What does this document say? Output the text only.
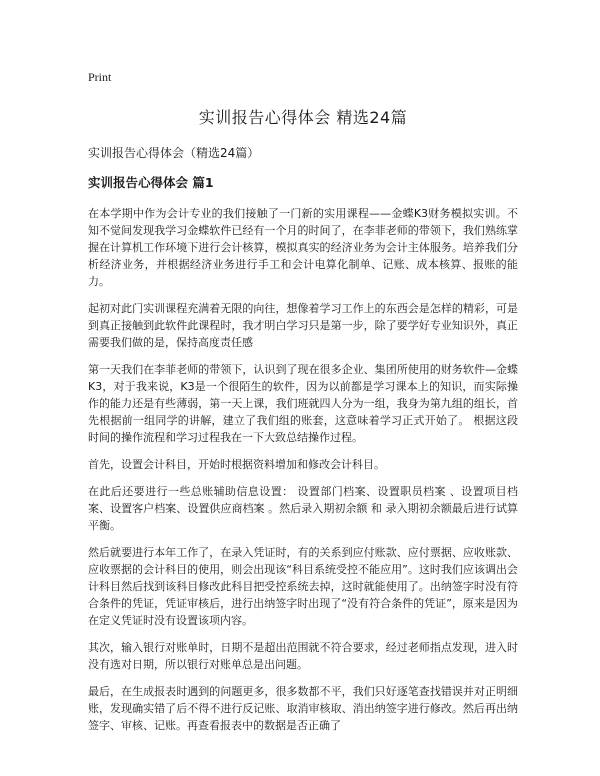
Print
实训报告心得体会 精选24篇
实训报告心得体会（精选24篇）
实训报告心得体会 篇1

在本学期中作为会计专业的我们接触了一门新的实用课程——金蝶K3财务模拟实训。不知不觉间发现我学习金蝶软件已经有一个月的时间了，在李菲老师的带领下，我们熟练掌握在计算机工作环境下进行会计核算，模拟真实的经济业务为会计主体服务。培养我们分析经济业务，并根据经济业务进行手工和会计电算化制单、记账、成本核算、报账的能力。

起初对此门实训课程充满着无限的向往，想像着学习工作上的东西会是怎样的精彩，可是到真正接触到此软件此课程时，我才明白学习只是第一步，除了要学好专业知识外，真正需要我们做的是，保持高度责任感

第一天我们在李菲老师的带领下，认识到了现在很多企业、集团所使用的财务软件—金蝶K3，对于我来说，K3是一个很陌生的软件，因为以前都是学习课本上的知识，而实际操作的能力还是有些薄弱，第一天上课，我们班就四人分为一组，我身为第九组的组长，首先根据前一组同学的讲解，建立了我们组的账套，这意味着学习正式开始了。 根据这段时间的操作流程和学习过程我在一下大致总结操作过程。

首先，设置会计科目，开始时根据资料增加和修改会计科目。

在此后还要进行一些总账辅助信息设置： 设置部门档案、设置职员档案 、设置项目档案、设置客户档案、设置供应商档案 。然后录入期初余额 和 录入期初余额最后进行试算平衡。

然后就要进行本年工作了，在录入凭证时，有的关系到应付账款、应付票据、应收账款、应收票据的会计科目的使用，则会出现该“科目系统受控不能应用”。这时我们应该调出会计科目然后找到该科目修改此科目把受控系统去掉，这时就能使用了。出纳签字时没有符合条件的凭证，凭证审核后，进行出纳签字时出现了“没有符合条件的凭证”，原来是因为在定义凭证时没有设置该项内容。

其次，输入银行对账单时，日期不是超出范围就不符合要求，经过老师指点发现，进入时没有选对日期，所以银行对账单总是出问题。

最后，在生成报表时遇到的问题更多，很多数都不平，我们只好逐笔查找错误并对正明细账，发现确实错了后不得不进行反记账、取消审核取、消出纳签字进行修改。然后再出纳签字、审核、记账。再查看报表中的数据是否正确了
